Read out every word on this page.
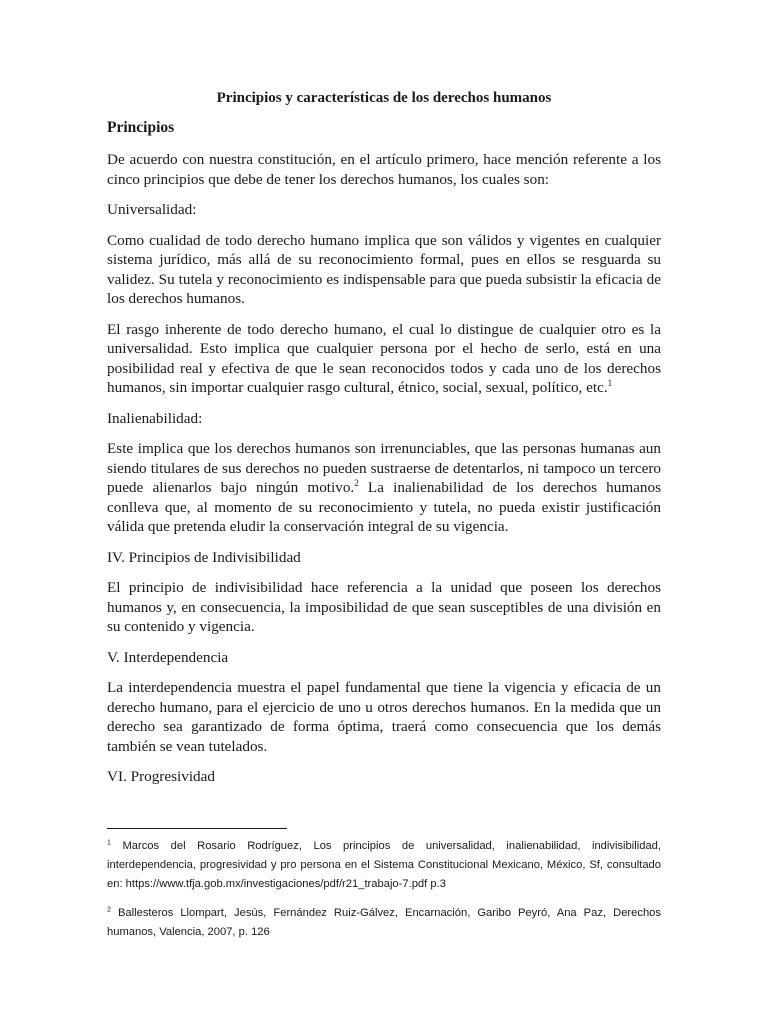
Principios y características de los derechos humanos
Principios

De acuerdo con nuestra constitución, en el artículo primero, hace mención referente a los cinco principios que debe de tener los derechos humanos, los cuales son:

Universalidad:

Como cualidad de todo derecho humano implica que son válidos y vigentes en cualquier sistema jurídico, más allá de su reconocimiento formal, pues en ellos se resguarda su validez. Su tutela y reconocimiento es indispensable para que pueda subsistir la eficacia de los derechos humanos.

El rasgo inherente de todo derecho humano, el cual lo distingue de cualquier otro es la universalidad. Esto implica que cualquier persona por el hecho de serlo, está en una posibilidad real y efectiva de que le sean reconocidos todos y cada uno de los derechos humanos, sin importar cualquier rasgo cultural, étnico, social, sexual, político, etc.$^1$

Inalienabilidad:

Este implica que los derechos humanos son irrenunciables, que las personas humanas aun siendo titulares de sus derechos no pueden sustraerse de detentarlos, ni tampoco un tercero puede alienarlos bajo ningún motivo.$^2$ La inalienabilidad de los derechos humanos conlleva que, al momento de su reconocimiento y tutela, no pueda existir justificación válida que pretenda eludir la conservación integral de su vigencia.

IV. Principios de Indivisibilidad

El principio de indivisibilidad hace referencia a la unidad que poseen los derechos humanos y, en consecuencia, la imposibilidad de que sean susceptibles de una división en su contenido y vigencia.

V. Interdependencia

La interdependencia muestra el papel fundamental que tiene la vigencia y eficacia de un derecho humano, para el ejercicio de uno u otros derechos humanos. En la medida que un derecho sea garantizado de forma óptima, traerá como consecuencia que los demás también se vean tutelados.

VI. Progresividad

$^1$ Marcos del Rosario Rodríguez, Los principios de universalidad, inalienabilidad, indivisibilidad, interdependencia, progresividad y pro persona en el Sistema Constitucional Mexicano, México, Sf, consultado en: https://www.tfja.gob.mx/investigaciones/pdf/r21_trabajo-7.pdf p.3
$^2$ Ballesteros Llompart, Jesús, Fernández Ruiz-Gálvez, Encarnación, Garibo Peyró, Ana Paz, Derechos humanos, Valencia, 2007, p. 126
